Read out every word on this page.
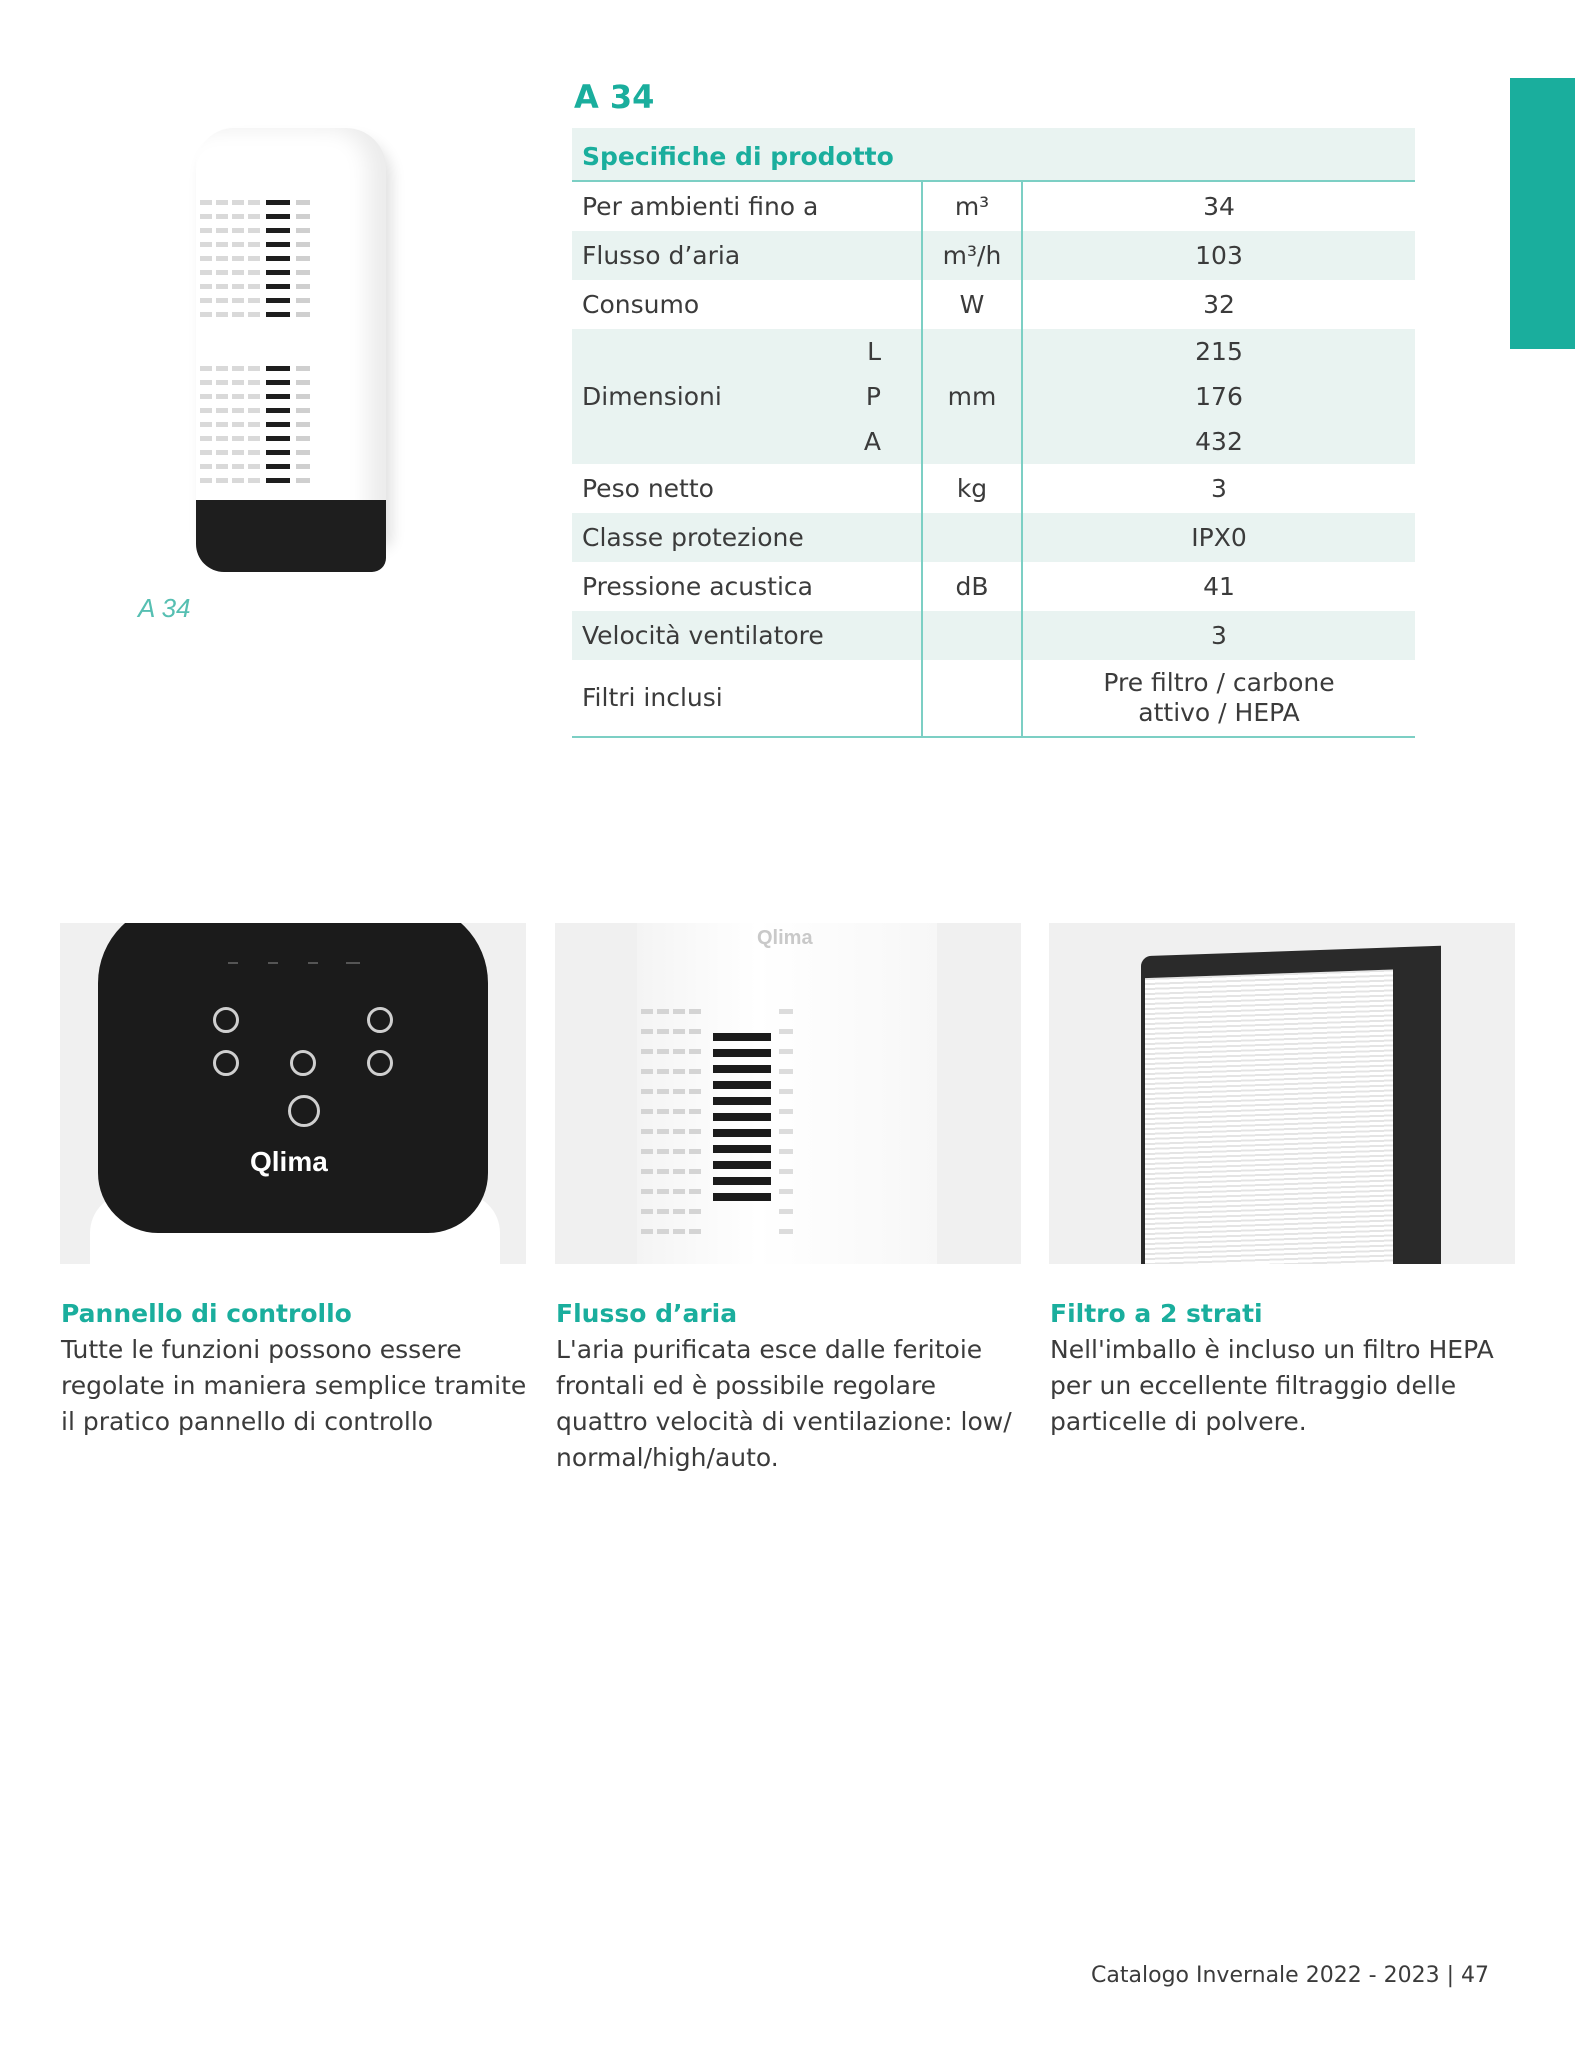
A 34
A 34
Specifiche di prodotto			
Per ambienti fino a		m³	34
Flusso d’aria		m³/h	103
Consumo		W	32
Dimensioni	L	mm	215
	P		176
	A		432
Peso netto		kg	3
Classe protezione			IPX0
Pressione acustica		dB	41
Velocità ventilatore			3
Filtri inclusi			Pre filtro / carbone
attivo / HEPA
Qlima
Qlima
Pannello di controllo
Tutte le funzioni possono essere regolate in maniera semplice tramite il pratico pannello di controllo
Flusso d’aria
L'aria purificata esce dalle feritoie frontali ed è possibile regolare quattro velocità di ventilazione: low/ normal/high/auto.
Filtro a 2 strati
Nell'imballo è incluso un filtro HEPA per un eccellente filtraggio delle particelle di polvere.
Catalogo Invernale 2022 - 2023 | 47
